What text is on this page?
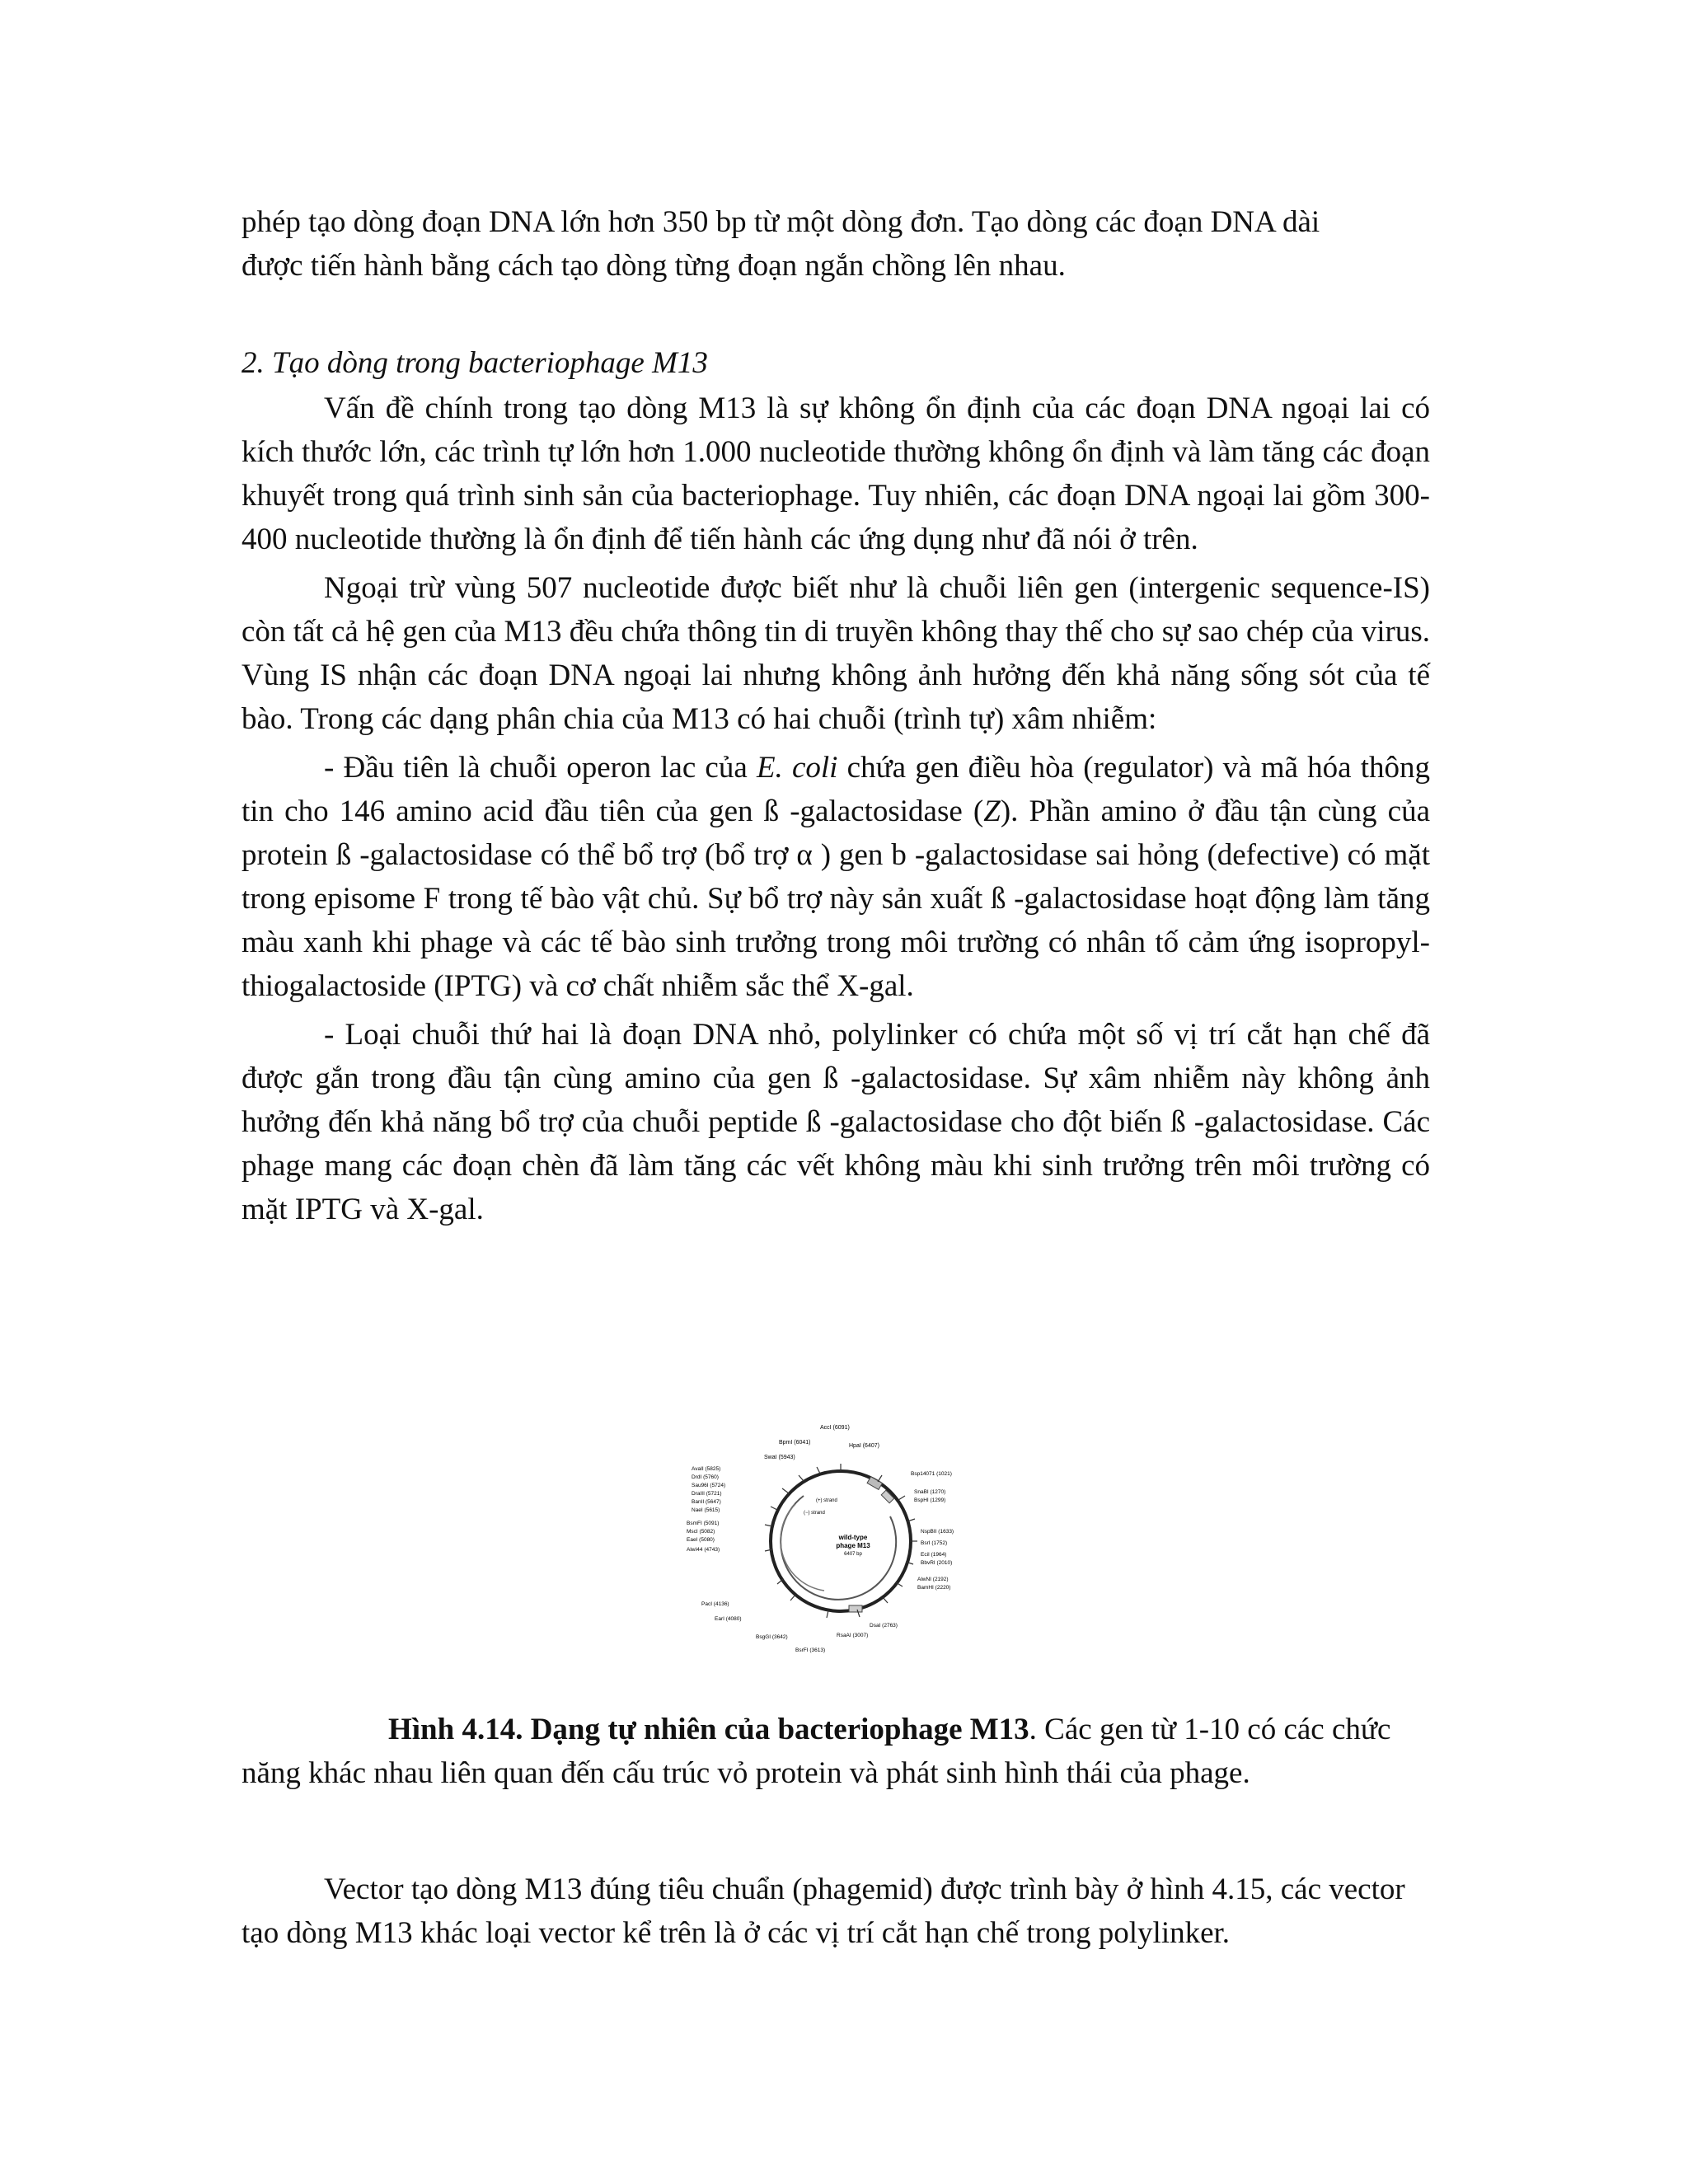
phép tạo dòng đoạn DNA lớn hơn 350 bp từ một dòng đơn. Tạo dòng các đoạn DNA dài

được tiến hành bằng cách tạo dòng từng đoạn ngắn chồng lên nhau.

2. Tạo dòng trong bacteriophage M13

Vấn đề chính trong tạo dòng M13 là sự không ổn định của các đoạn DNA ngoại lai có kích thước lớn, các trình tự lớn hơn 1.000 nucleotide thường không ổn định và làm tăng các đoạn khuyết trong quá trình sinh sản của bacteriophage. Tuy nhiên, các đoạn DNA ngoại lai gồm 300-400 nucleotide thường là ổn định để tiến hành các ứng dụng như đã nói ở trên.

Ngoại trừ vùng 507 nucleotide được biết như là chuỗi liên gen (intergenic sequence-IS) còn tất cả hệ gen của M13 đều chứa thông tin di truyền không thay thế cho sự sao chép của virus. Vùng IS nhận các đoạn DNA ngoại lai nhưng không ảnh hưởng đến khả năng sống sót của tế bào. Trong các dạng phân chia của M13 có hai chuỗi (trình tự) xâm nhiễm:

- Đầu tiên là chuỗi operon lac của E. coli chứa gen điều hòa (regulator) và mã hóa thông tin cho 146 amino acid đầu tiên của gen ß -galactosidase (Z). Phần amino ở đầu tận cùng của protein ß -galactosidase có thể bổ trợ (bổ trợ α ) gen b -galactosidase sai hỏng (defective) có mặt trong episome F trong tế bào vật chủ. Sự bổ trợ này sản xuất ß -galactosidase hoạt động làm tăng màu xanh khi phage và các tế bào sinh trưởng trong môi trường có nhân tố cảm ứng isopropyl-thiogalactoside (IPTG) và cơ chất nhiễm sắc thể X-gal.

- Loại chuỗi thứ hai là đoạn DNA nhỏ, polylinker có chứa một số vị trí cắt hạn chế đã được gắn trong đầu tận cùng amino của gen ß -galactosidase. Sự xâm nhiễm này không ảnh hưởng đến khả năng bổ trợ của chuỗi peptide ß -galactosidase cho đột biến ß -galactosidase. Các phage mang các đoạn chèn đã làm tăng các vết không màu khi sinh trưởng trên môi trường có mặt IPTG và X-gal.

wild-type
phage M13
6407 bp
(+) strand
(−) strand
AccI (6091)
BpmI (6041)
HpaI (6407)
SwaI (5943)
AvaII (5825)
DrdI (5760)
Sau96I (5724)
DraIII (5721)
BanII (5647)
NaeI (5615)
BsmFI (5091)
MscI (5082)
EaeI (5080)
AlwI44 (4743)
Bsp14071 (1021)
SnaBI (1270)
BspHI (1299)
NspBII (1633)
BsrI (1752)
EciI (1964)
BbvRI (2010)
AlwNI (2192)
BamHI (2220)
PacI (4136)
EarI (4080)
BsgGI (3642)
BsrFI (3613)
RsaAI (3007)
DsaI (2763)

Hình 4.14. Dạng tự nhiên của bacteriophage M13. Các gen từ 1-10 có các chức năng khác nhau liên quan đến cấu trúc vỏ protein và phát sinh hình thái của phage.

Vector tạo dòng M13 đúng tiêu chuẩn (phagemid) được trình bày ở hình 4.15, các vector tạo dòng M13 khác loại vector kể trên là ở các vị trí cắt hạn chế trong polylinker.
